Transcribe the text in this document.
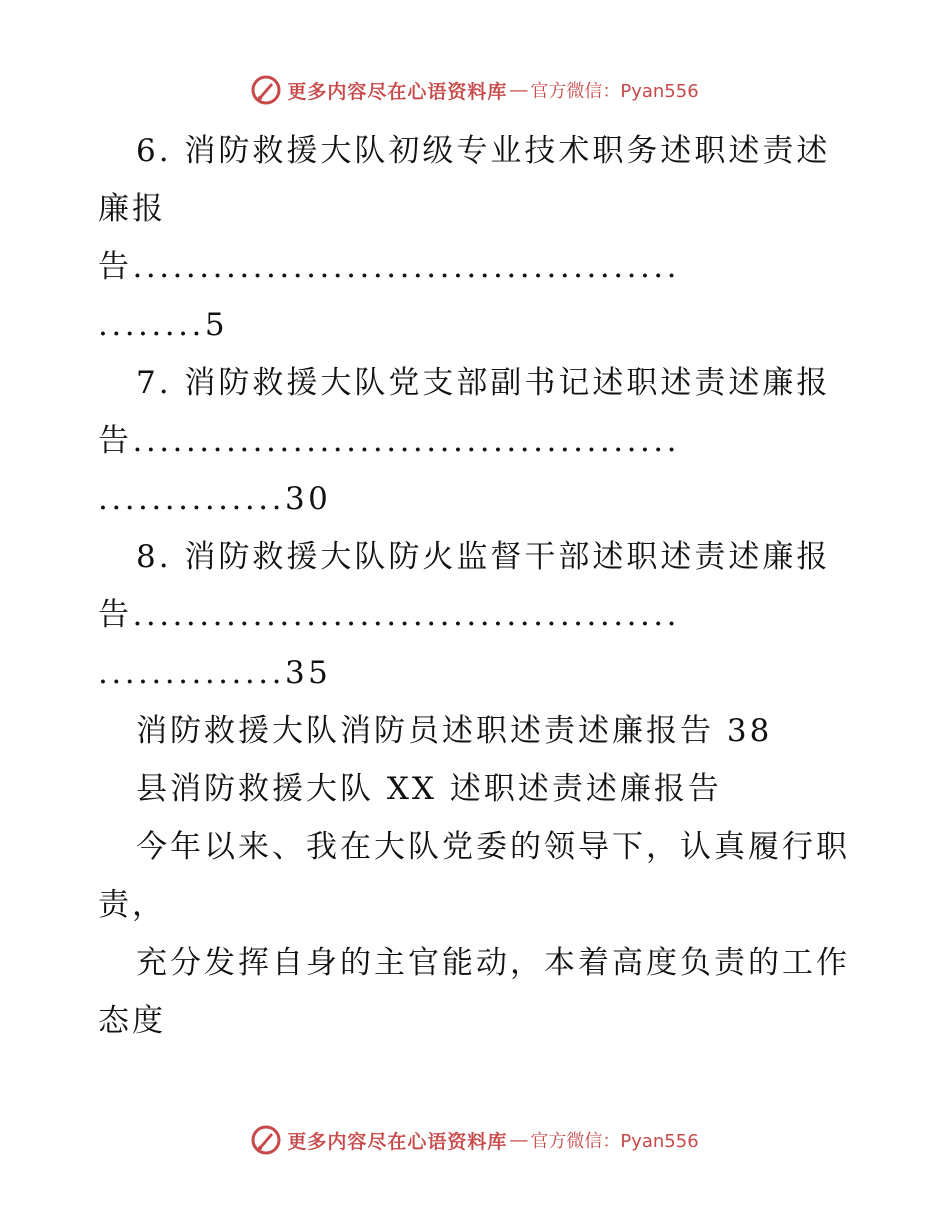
更多内容尽在心语资料库 — 官方微信：Pyan556
6. 消防救援大队初级专业技术职务述职述责述
廉报
告.........................................
........5
7. 消防救援大队党支部副书记述职述责述廉报
告.........................................
..............30
8. 消防救援大队防火监督干部述职述责述廉报
告.........................................
..............35
消防救援大队消防员述职述责述廉报告 38
县消防救援大队 XX 述职述责述廉报告
今年以来、我在大队党委的领导下，认真履行职
责，
充分发挥自身的主官能动，本着高度负责的工作
态度
更多内容尽在心语资料库 — 官方微信：Pyan556
